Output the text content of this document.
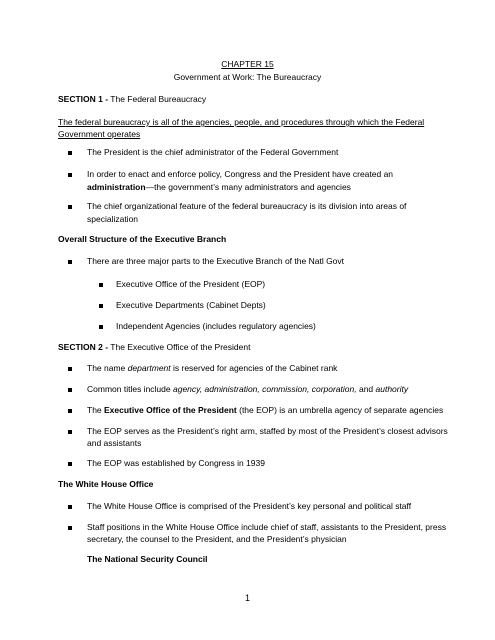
CHAPTER 15
Government at Work: The Bureaucracy
SECTION 1 - The Federal Bureaucracy
The federal bureaucracy is all of the agencies, people, and procedures through which the Federal
Government operates
The President is the chief administrator of the Federal Government
In order to enact and enforce policy, Congress and the President have created an
administration—the government’s many administrators and agencies
The chief organizational feature of the federal bureaucracy is its division into areas of
specialization
Overall Structure of the Executive Branch
There are three major parts to the Executive Branch of the Natl Govt
Executive Office of the President (EOP)
Executive Departments (Cabinet Depts)
Independent Agencies (includes regulatory agencies)
SECTION 2 - The Executive Office of the President
The name department is reserved for agencies of the Cabinet rank
Common titles include agency, administration, commission, corporation, and authority
The Executive Office of the President (the EOP) is an umbrella agency of separate agencies
The EOP serves as the President’s right arm, staffed by most of the President’s closest advisors
and assistants
The EOP was established by Congress in 1939
The White House Office
The White House Office is comprised of the President’s key personal and political staff
Staff positions in the White House Office include chief of staff, assistants to the President, press
secretary, the counsel to the President, and the President’s physician
The National Security Council
1
